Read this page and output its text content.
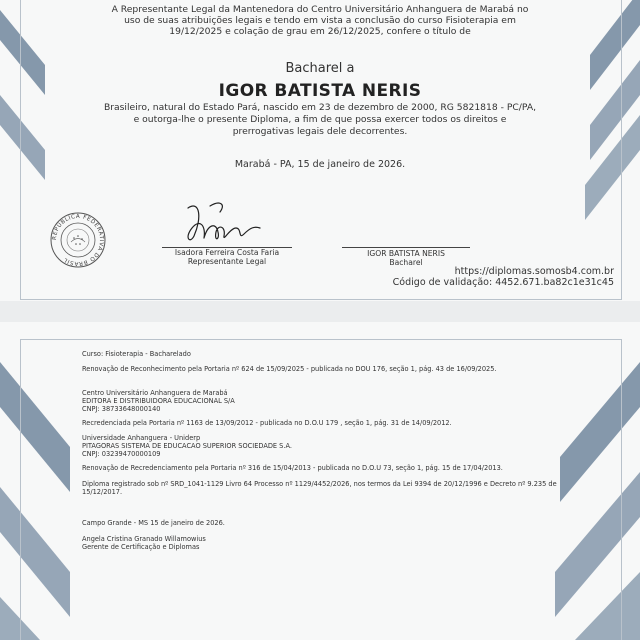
A Representante Legal da Mantenedora do Centro Universitário Anhanguera de Marabá no
uso de suas atribuições legais e tendo em vista a conclusão do curso Fisioterapia em
19/12/2025 e colação de grau em 26/12/2025, confere o título de
Bacharel a
IGOR BATISTA NERIS
Brasileiro, natural do Estado Pará, nascido em 23 de dezembro de 2000, RG 5821818 - PC/PA,
e outorga-lhe o presente Diploma, a fim de que possa exercer todos os direitos e
prerrogativas legais dele decorrentes.
Marabá - PA, 15 de janeiro de 2026.
REPÚBLICA FEDERATIVA DO BRASIL
Isadora Ferreira Costa Faria
Representante Legal
IGOR BATISTA NERIS
Bacharel
https://diplomas.somosb4.com.br
Código de validação: 4452.671.ba82c1e31c45
Curso: Fisioterapia - Bacharelado
Renovação de Reconhecimento pela Portaria nº 624 de 15/09/2025 - publicada no DOU 176, seção 1, pág. 43 de 16/09/2025.
Centro Universitário Anhanguera de Marabá
EDITORA E DISTRIBUIDORA EDUCACIONAL S/A
CNPJ: 38733648000140
Recredenciada pela Portaria nº 1163 de 13/09/2012 - publicada no D.O.U 179 , seção 1, pág. 31 de 14/09/2012.
Universidade Anhanguera - Uniderp
PITAGORAS SISTEMA DE EDUCACAO SUPERIOR SOCIEDADE S.A.
CNPJ: 03239470000109
Renovação de Recredenciamento pela Portaria nº 316 de 15/04/2013 - publicada no D.O.U 73, seção 1, pág. 15 de 17/04/2013.
Diploma registrado sob nº SRD_1041-1129 Livro 64 Processo nº 1129/4452/2026, nos termos da Lei 9394 de 20/12/1996 e Decreto nº 9.235 de
15/12/2017.
Campo Grande - MS 15 de janeiro de 2026.
Angela Cristina Granado Willamowius
Gerente de Certificação e Diplomas
